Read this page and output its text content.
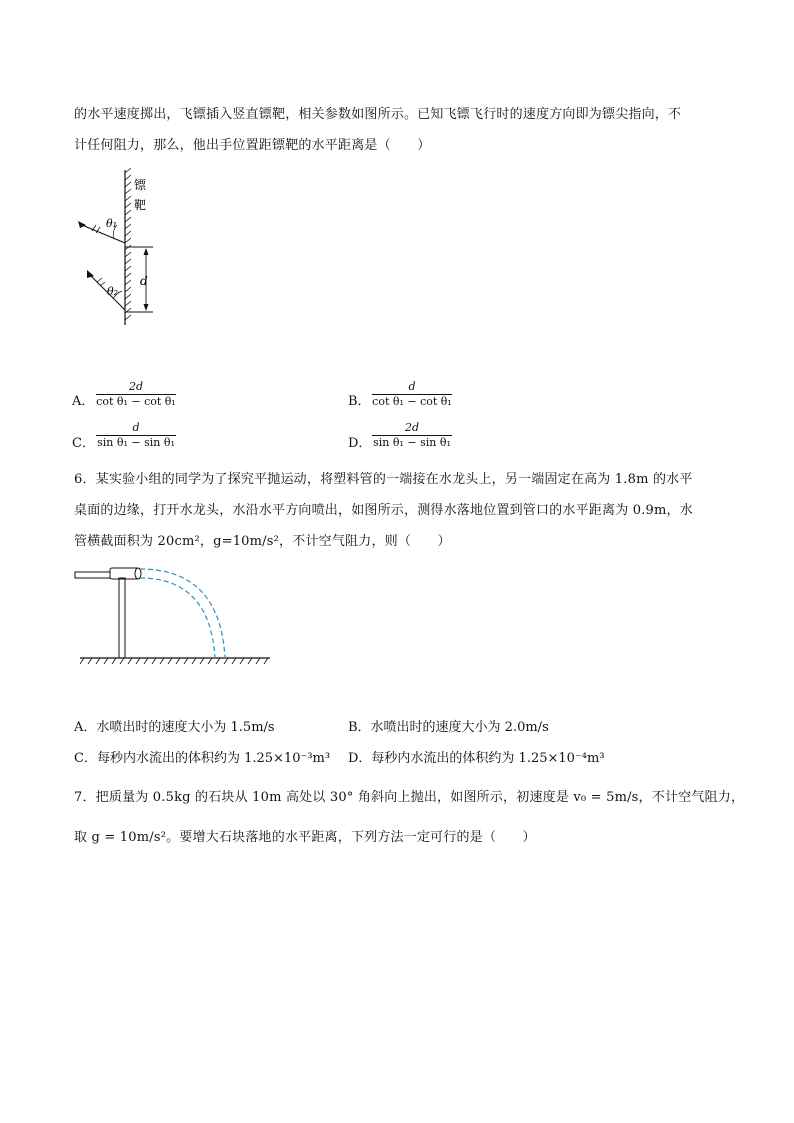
的水平速度掷出，飞镖插入竖直镖靶，相关参数如图所示。已知飞镖飞行时的速度方向即为镖尖指向，不
计任何阻力，那么，他出手位置距镖靶的水平距离是（　　）
镖
靶
d
θ₁
θ₂
A．
2d
cot θ₁ − cot θ₁	B．
d
cot θ₁ − cot θ₁
C．
d
sin θ₁ − sin θ₁	D．
2d
sin θ₁ − sin θ₁
6．某实验小组的同学为了探究平抛运动，将塑料管的一端接在水龙头上，另一端固定在高为 1.8m 的水平
桌面的边缘，打开水龙头，水沿水平方向喷出，如图所示，测得水落地位置到管口的水平距离为 0.9m，水
管横截面积为 20cm²，g=10m/s²，不计空气阻力，则（　　）
A．水喷出时的速度大小为 1.5m/s	B．水喷出时的速度大小为 2.0m/s
C．每秒内水流出的体积约为 1.25×10⁻³m³ D．每秒内水流出的体积约为 1.25×10⁻⁴m³
7．把质量为 0.5kg 的石块从 10m 高处以 30° 角斜向上抛出，如图所示，初速度是 v₀ = 5m/s，不计空气阻力，
取 g = 10m/s²。要增大石块落地的水平距离，下列方法一定可行的是（　　）
